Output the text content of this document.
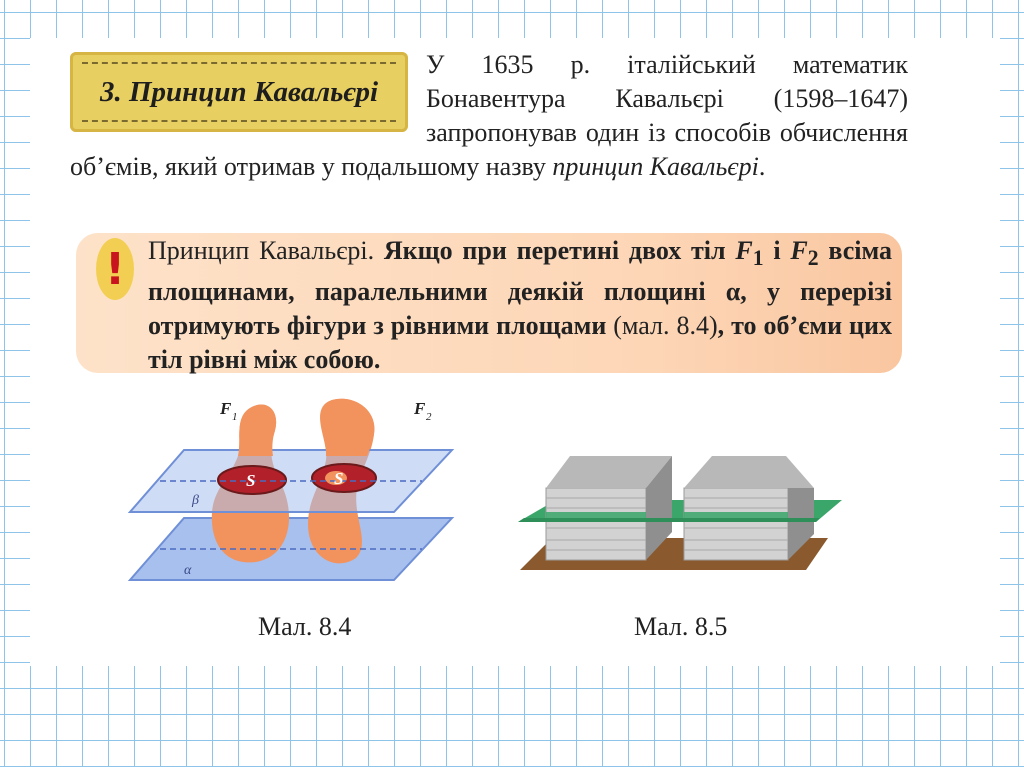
3. Принцип Кавальєрі
У 1635 р. італійський математик Бонавентура Кавальєрі (1598–1647) запропонував один із способів обчислення об’ємів, який отримав у подальшому назву принцип Кавальєрі.
! Принцип Кавальєрі. Якщо при перетині двох тіл $F_1$ і $F_2$ всіма площинами, паралельними деякій площині α, у перерізі отримують фігури з рівними площами (мал. 8.4), то об’єми цих тіл рівні між собою.
S	S
F 1	F 2
β
α
Мал. 8.4	Мал. 8.5
